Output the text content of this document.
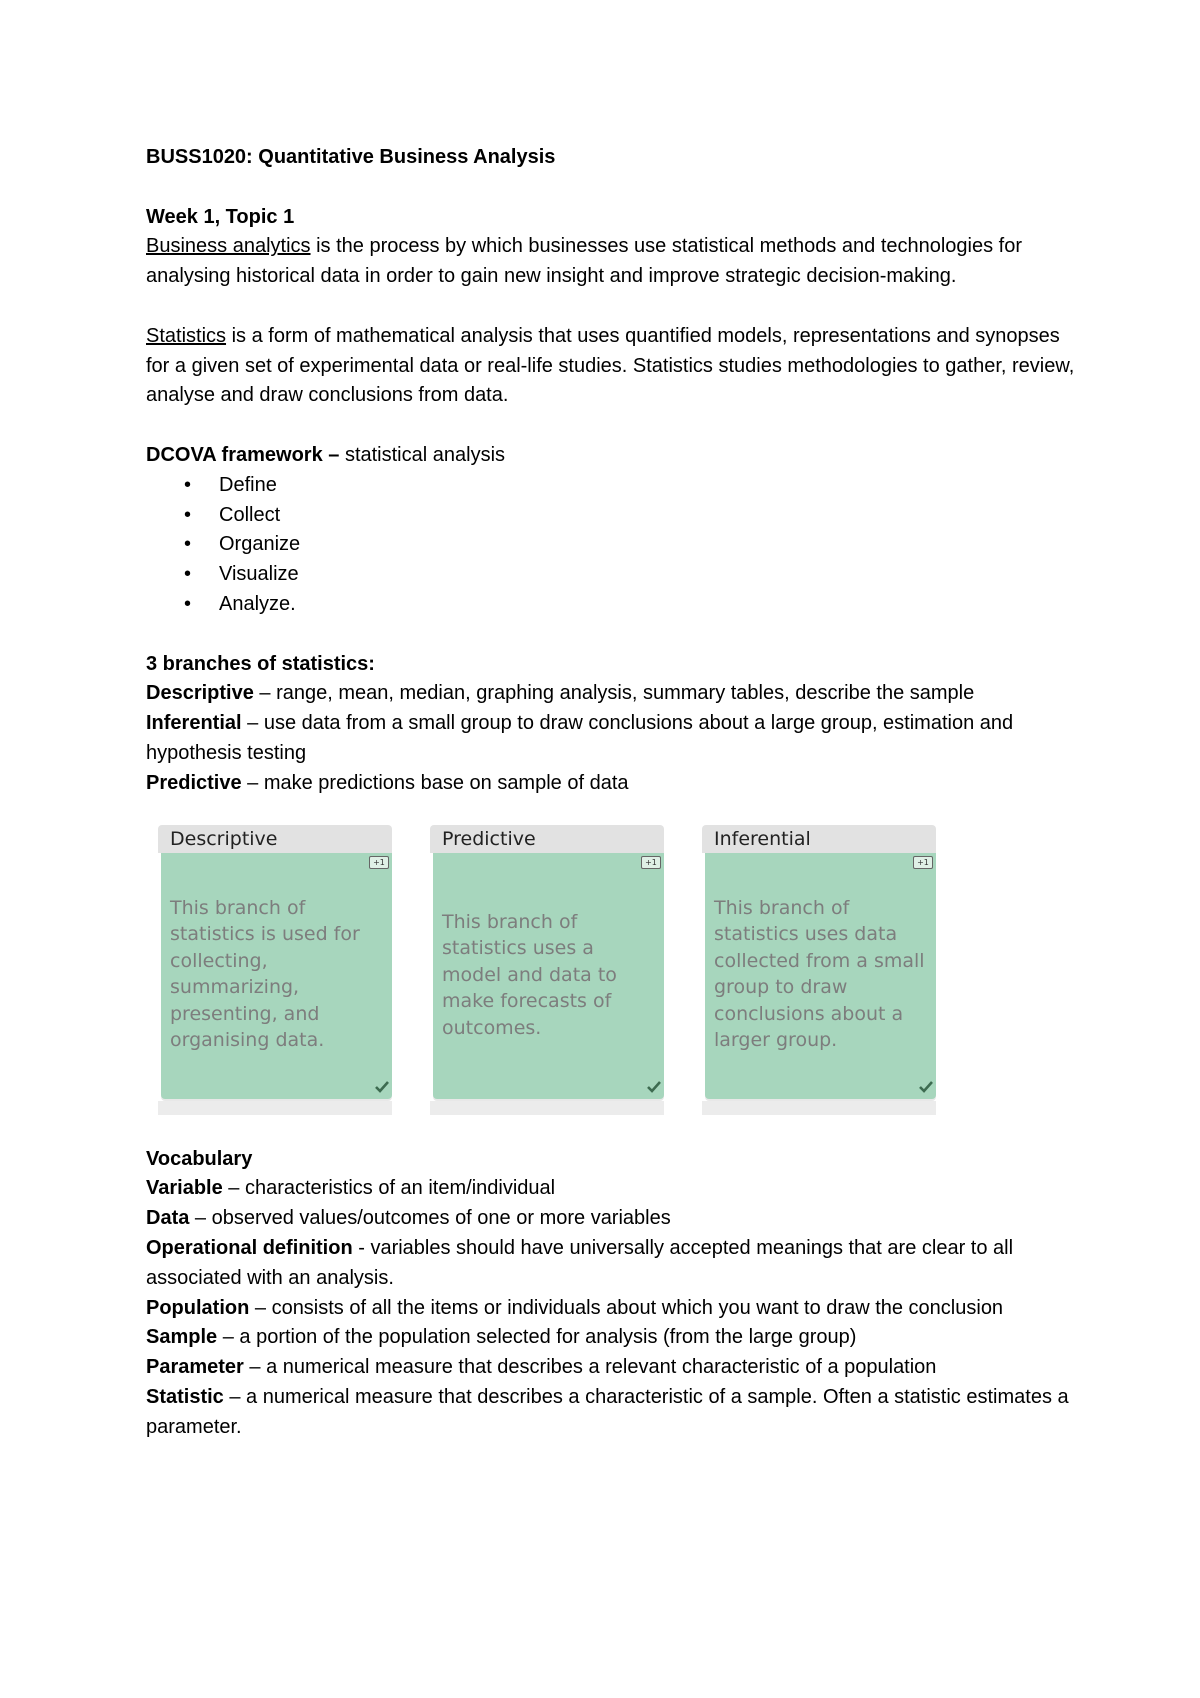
BUSS1020: Quantitative Business Analysis

Week 1, Topic 1

Business analytics is the process by which businesses use statistical methods and technologies for analysing historical data in order to gain new insight and improve strategic decision-making.

Statistics is a form of mathematical analysis that uses quantified models, representations and synopses for a given set of experimental data or real-life studies. Statistics studies methodologies to gather, review, analyse and draw conclusions from data.

DCOVA framework – statistical analysis

• Define
• Collect
• Organize
• Visualize
• Analyze.

3 branches of statistics:

Descriptive – range, mean, median, graphing analysis, summary tables, describe the sample

Inferential – use data from a small group to draw conclusions about a large group, estimation and hypothesis testing

Predictive – make predictions base on sample of data

Descriptive
+1
This branch of statistics is used for collecting, summarizing, presenting, and organising data.
Predictive
+1
This branch of statistics uses a model and data to make forecasts of outcomes.
Inferential
+1
This branch of statistics uses data collected from a small group to draw conclusions about a larger group.

Vocabulary

Variable – characteristics of an item/individual

Data – observed values/outcomes of one or more variables

Operational definition - variables should have universally accepted meanings that are clear to all associated with an analysis.

Population – consists of all the items or individuals about which you want to draw the conclusion

Sample – a portion of the population selected for analysis (from the large group)

Parameter – a numerical measure that describes a relevant characteristic of a population

Statistic – a numerical measure that describes a characteristic of a sample. Often a statistic estimates a parameter.
